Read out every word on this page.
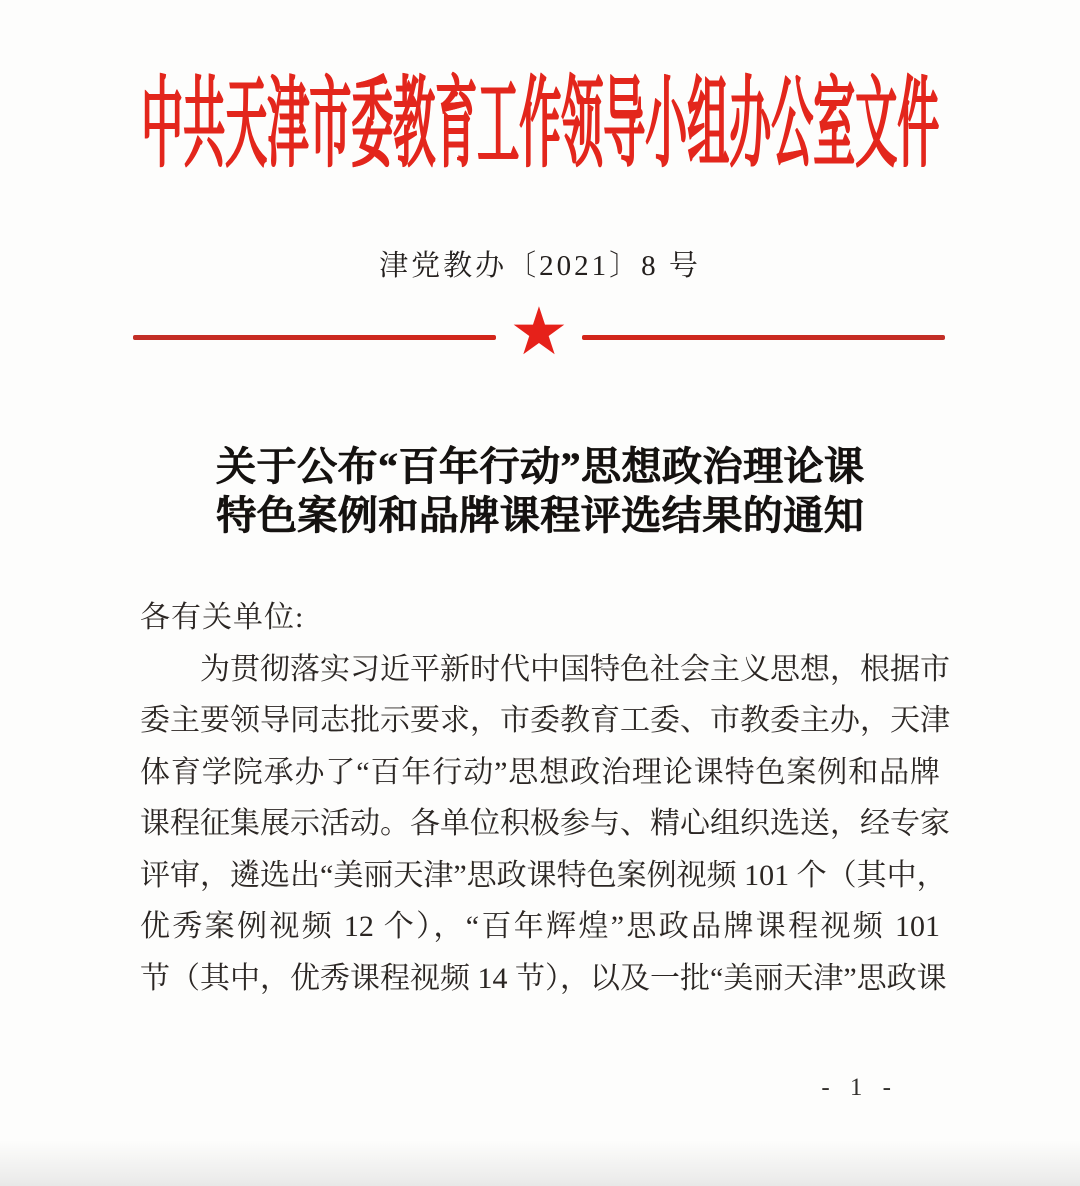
中共天津市委教育工作领导小组办公室文件
津党教办〔2021〕8 号
★
关于公布“百年行动”思想政治理论课
特色案例和品牌课程评选结果的通知
各有关单位:
为贯彻落实习近平新时代中国特色社会主义思想，根据市
委主要领导同志批示要求，市委教育工委、市教委主办，天津
体育学院承办了“百年行动”思想政治理论课特色案例和品牌
课程征集展示活动。各单位积极参与、精心组织选送，经专家
评审，遴选出“美丽天津”思政课特色案例视频 101 个（其中，
优秀案例视频 12 个），“百年辉煌”思政品牌课程视频 101
节（其中，优秀课程视频 14 节），以及一批“美丽天津”思政课
- 1 -
